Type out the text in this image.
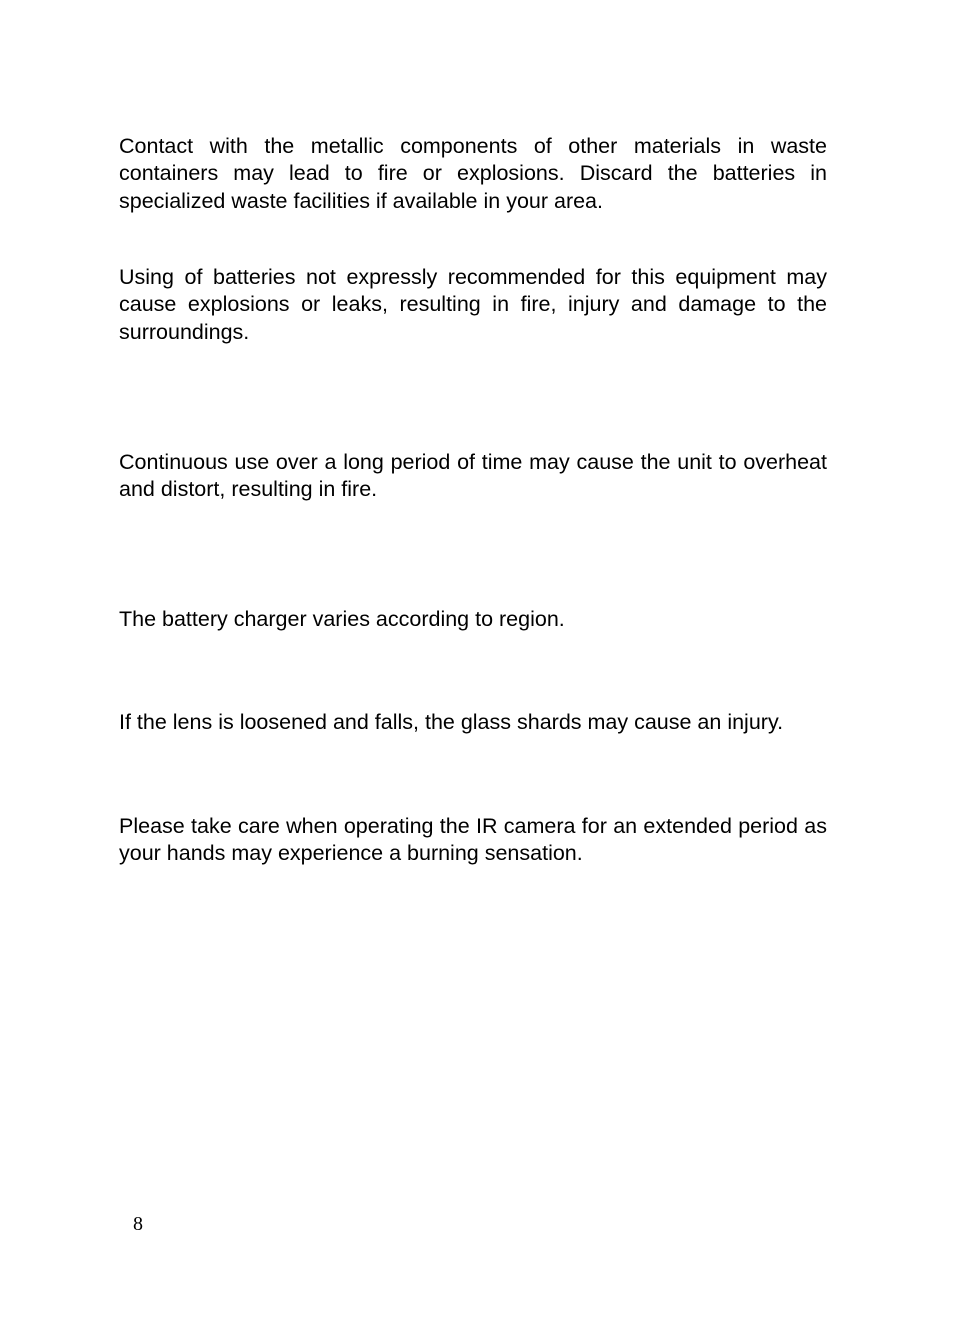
Contact with the metallic components of other materials in waste containers may lead to fire or explosions. Discard the batteries in specialized waste facilities if available in your area.

Using of batteries not expressly recommended for this equipment may cause explosions or leaks, resulting in fire, injury and damage to the surroundings.

Continuous use over a long period of time may cause the unit to overheat and distort, resulting in fire.

The battery charger varies according to region.

If the lens is loosened and falls, the glass shards may cause an injury.

Please take care when operating the IR camera for an extended period as your hands may experience a burning sensation.

8
